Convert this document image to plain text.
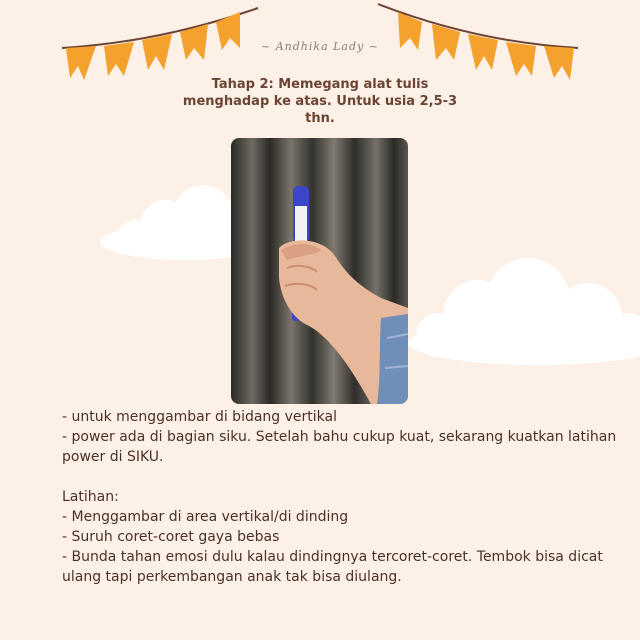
~ Andhika Lady ~
Tahap 2: Memegang alat tulis menghadap ke atas. Untuk usia 2,5-3 thn.

- untuk menggambar di bidang vertikal

- power ada di bagian siku. Setelah bahu cukup kuat, sekarang kuatkan latihan power di SIKU.

Latihan:

- Menggambar di area vertikal/di dinding

- Suruh coret-coret gaya bebas

- Bunda tahan emosi dulu kalau dindingnya tercoret-coret. Tembok bisa dicat ulang tapi perkembangan anak tak bisa diulang.
